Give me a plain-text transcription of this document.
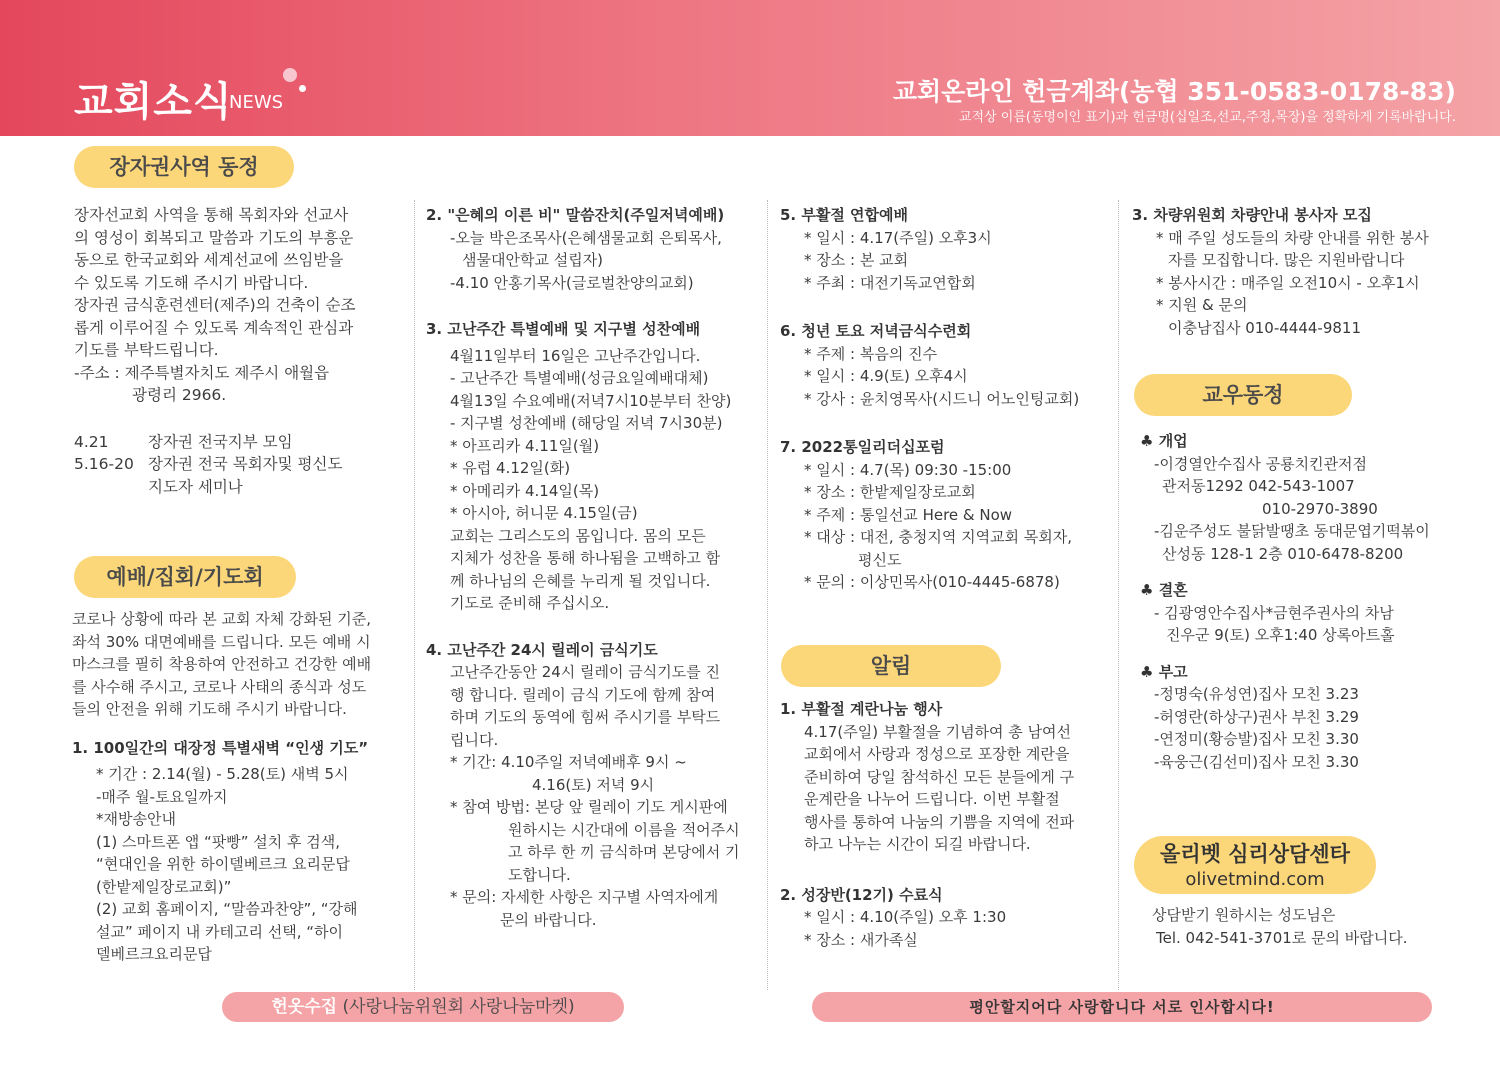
교회소식
NEWS	교회온라인 헌금계좌(농협 351-0583-0178-83)
교적상 이름(동명이인 표기)과 헌금명(십일조,선교,주정,목장)을 정확하게 기록바랍니다.
장자권사역 동정

장자선교회 사역을 통해 목회자와 선교사

의 영성이 회복되고 말씀과 기도의 부흥운

동으로 한국교회와 세계선교에 쓰임받을

수 있도록 기도해 주시기 바랍니다.

장자권 금식훈련센터(제주)의 건축이 순조

롭게 이루어질 수 있도록 계속적인 관심과

기도를 부탁드립니다.

-주소 : 제주특별자치도 제주시 애월읍

광령리 2966.

4.21	장자권 전국지부 모임

5.16-20 장자권 전국 목회자및 평신도

지도자 세미나

예배/집회/기도회

코로나 상황에 따라 본 교회 자체 강화된 기준,

좌석 30% 대면예배를 드립니다. 모든 예배 시

마스크를 필히 착용하여 안전하고 건강한 예배

를 사수해 주시고, 코로나 사태의 종식과 성도

들의 안전을 위해 기도해 주시기 바랍니다.

1. 100일간의 대장정 특별새벽 “인생 기도”

* 기간 : 2.14(월) - 5.28(토) 새벽 5시

-매주 월-토요일까지

*재방송안내

(1) 스마트폰 앱 “팟빵” 설치 후 검색,

“현대인을 위한 하이델베르크 요리문답

(한밭제일장로교회)”

(2) 교회 홈페이지, “말씀과찬양”, “강해

설교” 페이지 내 카테고리 선택, “하이

델베르크요리문답

2. "은혜의 이른 비" 말씀잔치(주일저녁예배)

-오늘 박은조목사(은혜샘물교회 은퇴목사,

샘물대안학교 설립자)

-4.10 안홍기목사(글로벌찬양의교회)

3. 고난주간 특별예배 및 지구별 성찬예배

4월11일부터 16일은 고난주간입니다.

- 고난주간 특별예배(성금요일예배대체)

4월13일 수요예배(저녁7시10분부터 찬양)

- 지구별 성찬예배 (해당일 저녁 7시30분)

* 아프리카 4.11일(월)

* 유럽 4.12일(화)

* 아메리카 4.14일(목)

* 아시아, 허니문 4.15일(금)

교회는 그리스도의 몸입니다. 몸의 모든

지체가 성찬을 통해 하나됨을 고백하고 함

께 하나님의 은혜를 누리게 될 것입니다.

기도로 준비해 주십시오.

4. 고난주간 24시 릴레이 금식기도

고난주간동안 24시 릴레이 금식기도를 진

행 합니다. 릴레이 금식 기도에 함께 참여

하며 기도의 동역에 힘써 주시기를 부탁드

립니다.

* 기간: 4.10주일 저녁예배후 9시 ~

4.16(토) 저녁 9시

* 참여 방법: 본당 앞 릴레이 기도 게시판에

원하시는 시간대에 이름을 적어주시

고 하루 한 끼 금식하며 본당에서 기

도합니다.

* 문의: 자세한 사항은 지구별 사역자에게

문의 바랍니다.

5. 부활절 연합예배

* 일시 : 4.17(주일) 오후3시

* 장소 : 본 교회

* 주최 : 대전기독교연합회

6. 청년 토요 저녁금식수련회

* 주제 : 복음의 진수

* 일시 : 4.9(토) 오후4시

* 강사 : 윤치영목사(시드니 어노인팅교회)

7. 2022통일리더십포럼

* 일시 : 4.7(목) 09:30 -15:00

* 장소 : 한밭제일장로교회

* 주제 : 통일선교 Here & Now

* 대상 : 대전, 충청지역 지역교회 목회자,

평신도

* 문의 : 이상민목사(010-4445-6878)

알림

1. 부활절 계란나눔 행사

4.17(주일) 부활절을 기념하여 총 남여선

교회에서 사랑과 정성으로 포장한 계란을

준비하여 당일 참석하신 모든 분들에게 구

운계란을 나누어 드립니다. 이번 부활절

행사를 통하여 나눔의 기쁨을 지역에 전파

하고 나누는 시간이 되길 바랍니다.

2. 성장반(12기) 수료식

* 일시 : 4.10(주일) 오후 1:30

* 장소 : 새가족실

3. 차량위원회 차량안내 봉사자 모집

* 매 주일 성도들의 차량 안내를 위한 봉사

자를 모집합니다. 많은 지원바랍니다

* 봉사시간 : 매주일 오전10시 - 오후1시

* 지원 & 문의

이충남집사 010-4444-9811

교우동정

♣ 개업

-이경열안수집사 공룡치킨관저점

관저동1292 042-543-1007

010-2970-3890

-김운주성도 불닭발땡초 동대문엽기떡볶이

산성동 128-1 2층 010-6478-8200

♣ 결혼

- 김광영안수집사*금현주권사의 차남

진우군 9(토) 오후1:40 상록아트홀

♣ 부고

-정명숙(유성연)집사 모친 3.23

-허영란(하상구)권사 부친 3.29

-연정미(황승발)집사 모친 3.30

-육웅근(김선미)집사 모친 3.30

올리벳 심리상담센타
olivetmind.com

상담받기 원하시는 성도님은

Tel. 042-541-3701로 문의 바랍니다.

헌옷수집 (사랑나눔위원회 사랑나눔마켓)	평안할지어다 사랑합니다 서로 인사합시다!
